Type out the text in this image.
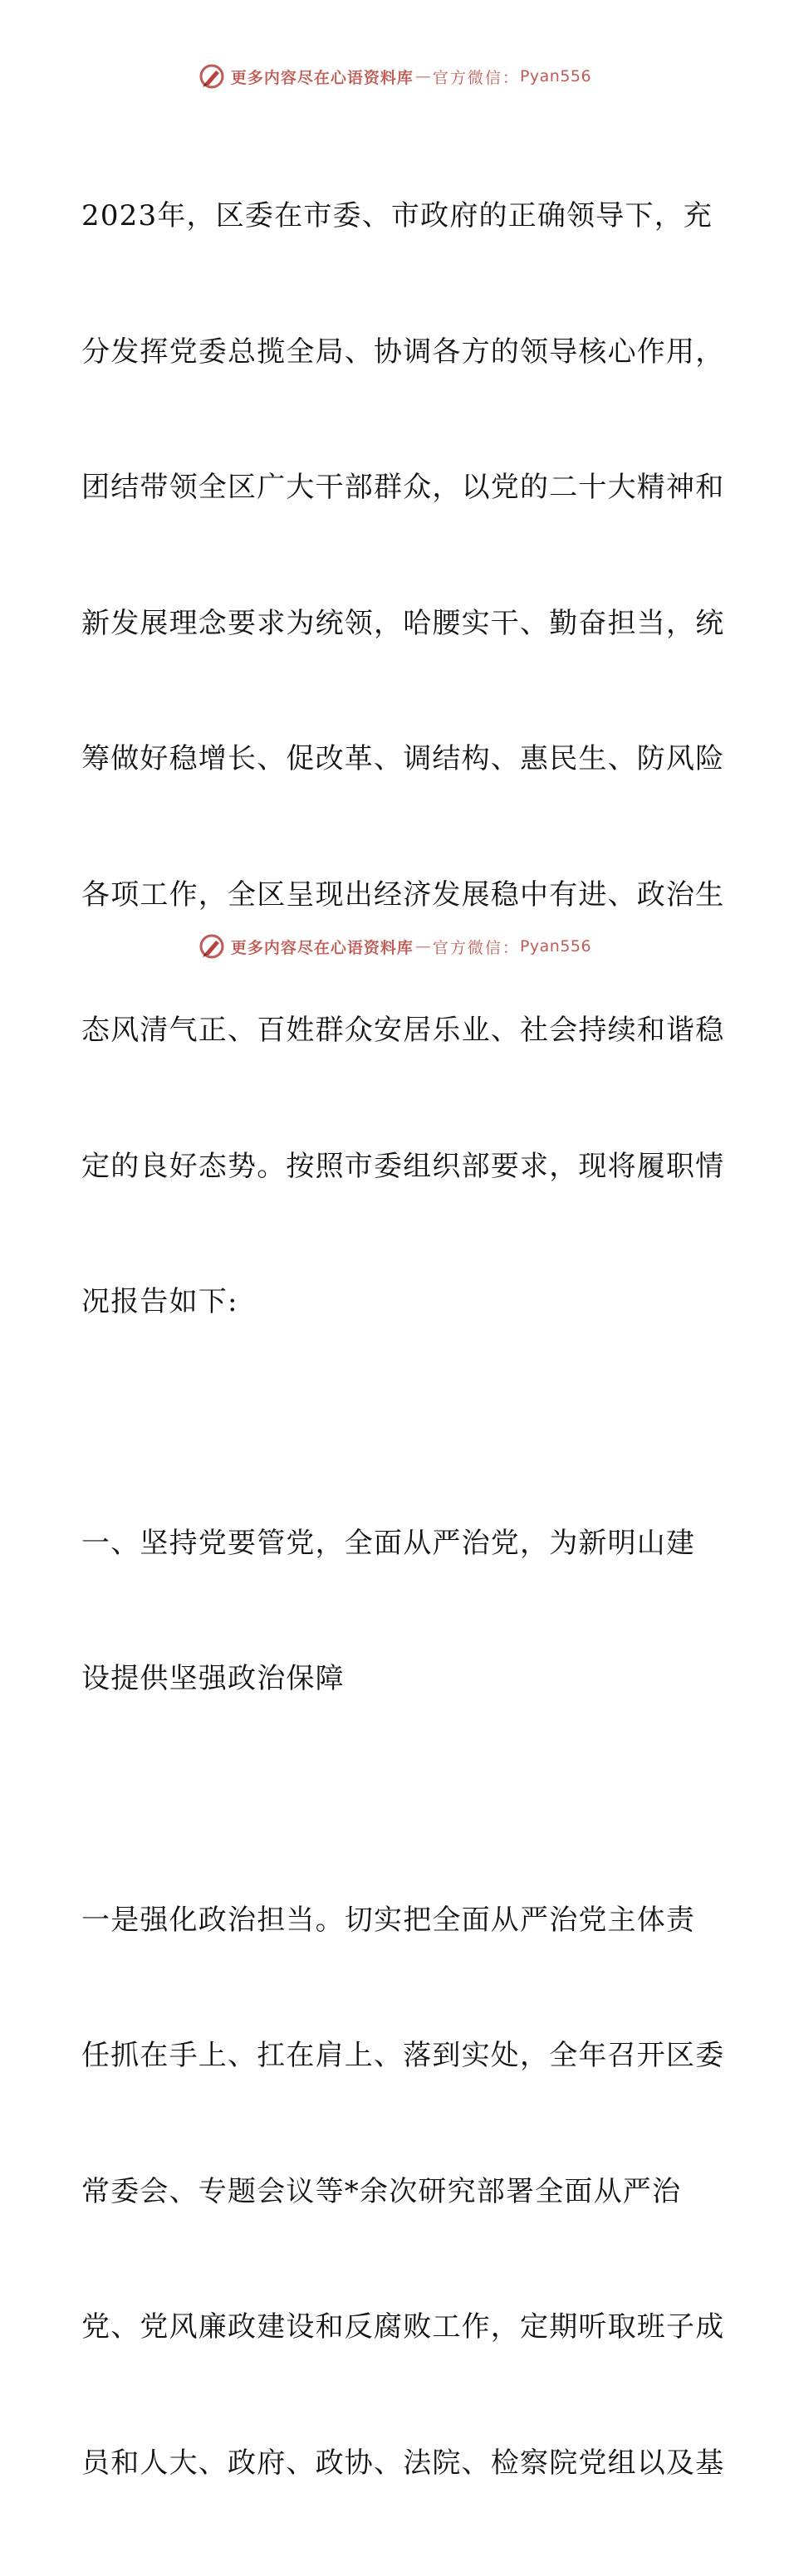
更多内容尽在心语资料库 — 官方微信： Pyan556

2023年，区委在市委、市政府的正确领导下，充

分发挥党委总揽全局、协调各方的领导核心作用，

团结带领全区广大干部群众，以党的二十大精神和

新发展理念要求为统领，哈腰实干、勤奋担当，统

筹做好稳增长、促改革、调结构、惠民生、防风险

各项工作，全区呈现出经济发展稳中有进、政治生

态风清气正、百姓群众安居乐业、社会持续和谐稳

定的良好态势。按照市委组织部要求，现将履职情

况报告如下:

一、坚持党要管党，全面从严治党，为新明山建

设提供坚强政治保障

一是强化政治担当。切实把全面从严治党主体责

任抓在手上、扛在肩上、落到实处，全年召开区委

常委会、专题会议等*余次研究部署全面从严治

党、党风廉政建设和反腐败工作，定期听取班子成

员和人大、政府、政协、法院、检察院党组以及基

更多内容尽在心语资料库 — 官方微信： Pyan556
